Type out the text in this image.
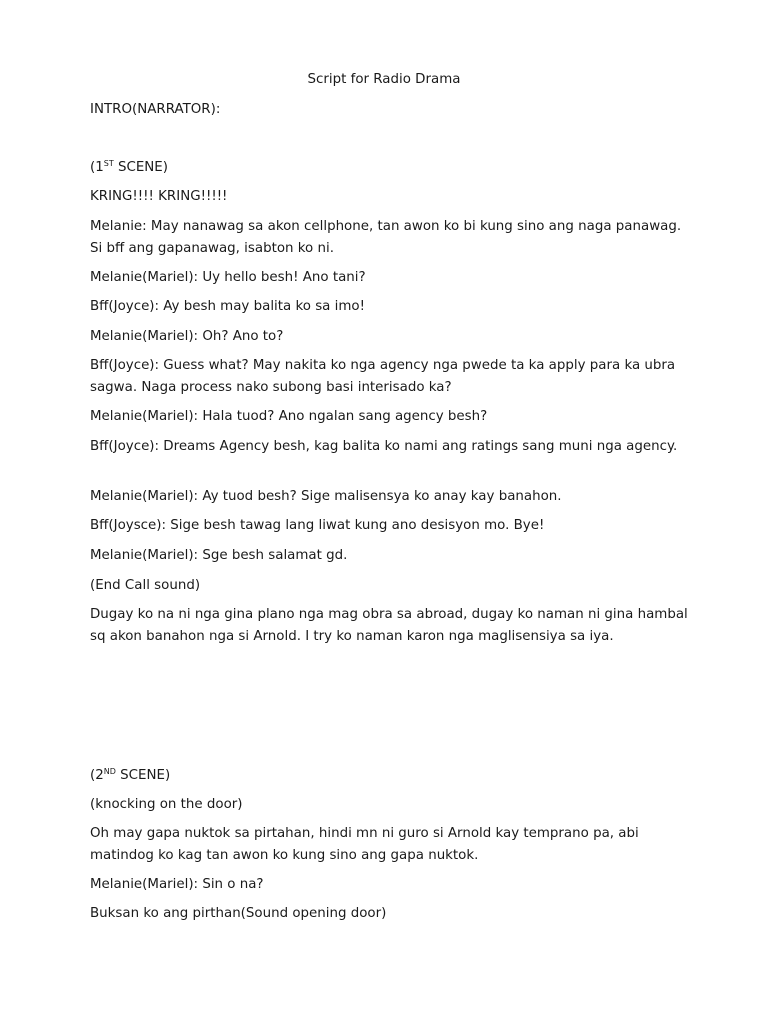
Script for Radio Drama

INTRO(NARRATOR):

(1ST SCENE)

KRING!!!! KRING!!!!!

Melanie: May nanawag sa akon cellphone, tan awon ko bi kung sino ang naga panawag. Si bff ang gapanawag, isabton ko ni.

Melanie(Mariel): Uy hello besh! Ano tani?

Bff(Joyce): Ay besh may balita ko sa imo!

Melanie(Mariel): Oh? Ano to?

Bff(Joyce): Guess what? May nakita ko nga agency nga pwede ta ka apply para ka ubra sagwa. Naga process nako subong basi interisado ka?

Melanie(Mariel): Hala tuod? Ano ngalan sang agency besh?

Bff(Joyce): Dreams Agency besh, kag balita ko nami ang ratings sang muni nga agency.

Melanie(Mariel): Ay tuod besh? Sige malisensya ko anay kay banahon.

Bff(Joysce): Sige besh tawag lang liwat kung ano desisyon mo. Bye!

Melanie(Mariel): Sge besh salamat gd.

(End Call sound)

Dugay ko na ni nga gina plano nga mag obra sa abroad, dugay ko naman ni gina hambal sq akon banahon nga si Arnold. I try ko naman karon nga maglisensiya sa iya.

(2ND SCENE)

(knocking on the door)

Oh may gapa nuktok sa pirtahan, hindi mn ni guro si Arnold kay temprano pa, abi matindog ko kag tan awon ko kung sino ang gapa nuktok.

Melanie(Mariel): Sin o na?

Buksan ko ang pirthan(Sound opening door)
